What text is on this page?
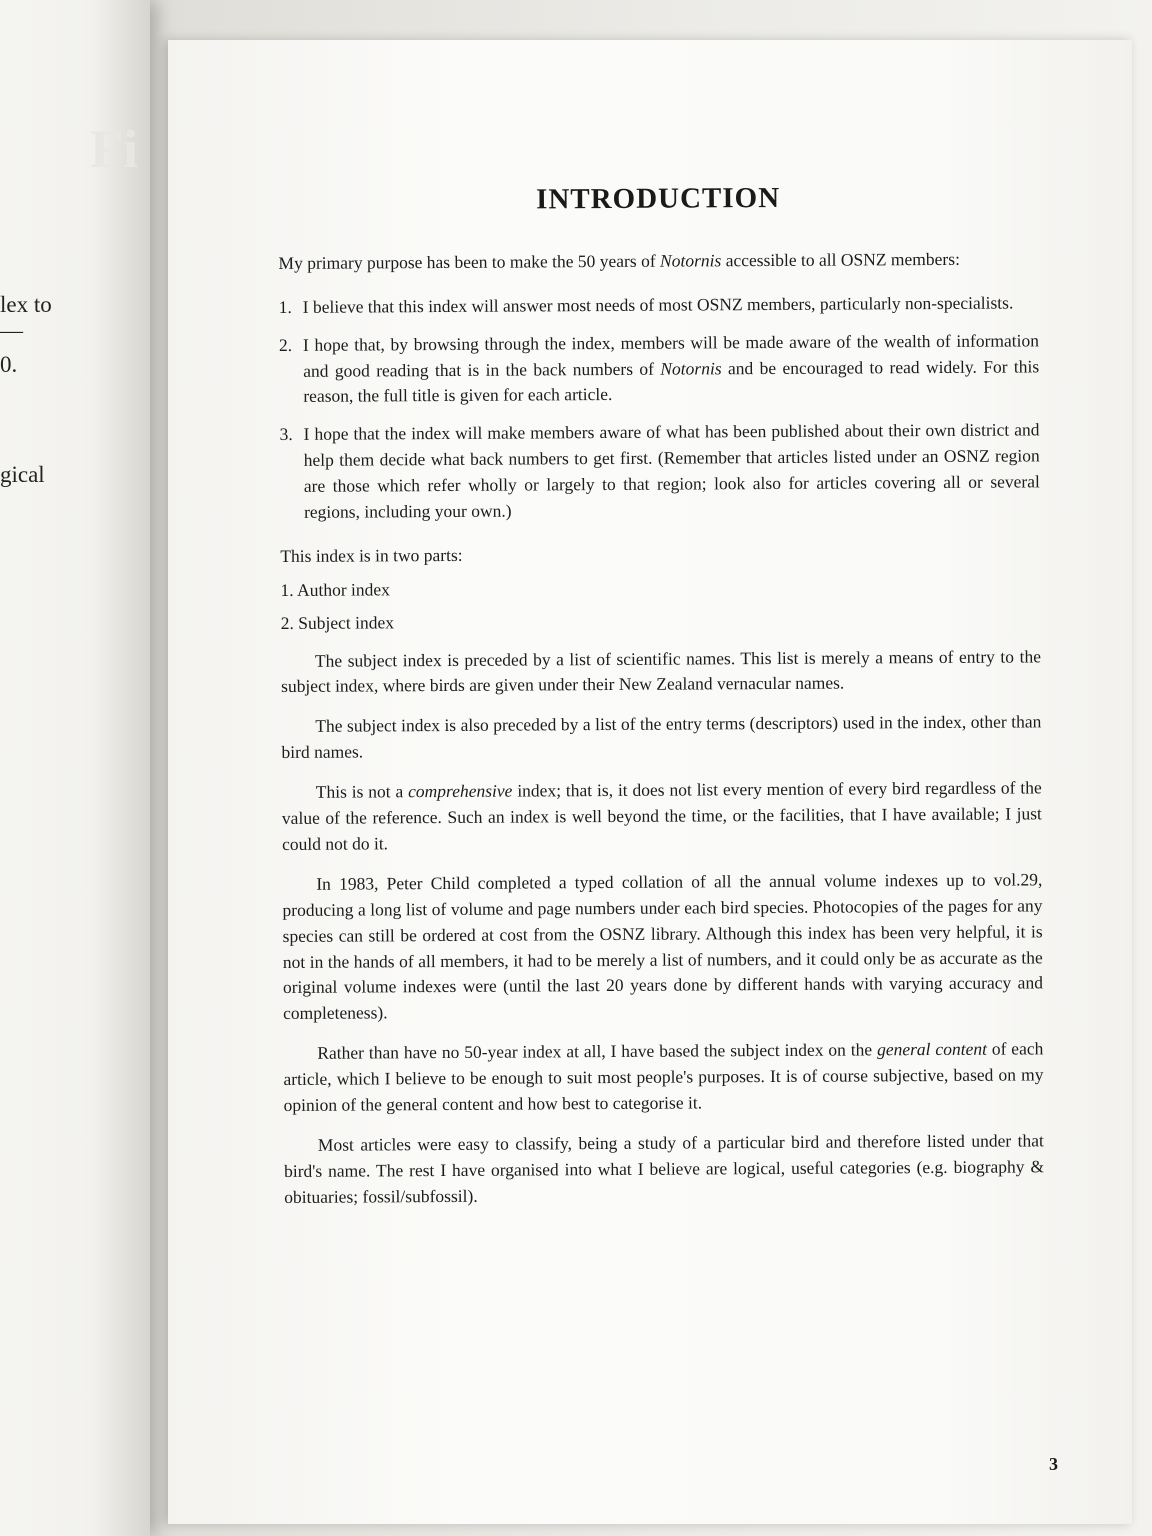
Fi
lex to
—
0.
gical
INTRODUCTION

My primary purpose has been to make the 50 years of Notornis accessible to all OSNZ members:

1. I believe that this index will answer most needs of most OSNZ members, particularly non-specialists.
2. I hope that, by browsing through the index, members will be made aware of the wealth of information and good reading that is in the back numbers of Notornis and be encouraged to read widely. For this reason, the full title is given for each article.
3. I hope that the index will make members aware of what has been published about their own district and help them decide what back numbers to get first. (Remember that articles listed under an OSNZ region are those which refer wholly or largely to that region; look also for articles covering all or several regions, including your own.)

This index is in two parts:

1. Author index
2. Subject index

The subject index is preceded by a list of scientific names. This list is merely a means of entry to the subject index, where birds are given under their New Zealand vernacular names.

The subject index is also preceded by a list of the entry terms (descriptors) used in the index, other than bird names.

This is not a comprehensive index; that is, it does not list every mention of every bird regardless of the value of the reference. Such an index is well beyond the time, or the facilities, that I have available; I just could not do it.

In 1983, Peter Child completed a typed collation of all the annual volume indexes up to vol.29, producing a long list of volume and page numbers under each bird species. Photocopies of the pages for any species can still be ordered at cost from the OSNZ library. Although this index has been very helpful, it is not in the hands of all members, it had to be merely a list of numbers, and it could only be as accurate as the original volume indexes were (until the last 20 years done by different hands with varying accuracy and completeness).

Rather than have no 50-year index at all, I have based the subject index on the general content of each article, which I believe to be enough to suit most people's purposes. It is of course subjective, based on my opinion of the general content and how best to categorise it.

Most articles were easy to classify, being a study of a particular bird and therefore listed under that bird's name. The rest I have organised into what I believe are logical, useful categories (e.g. biography & obituaries; fossil/subfossil).

3
